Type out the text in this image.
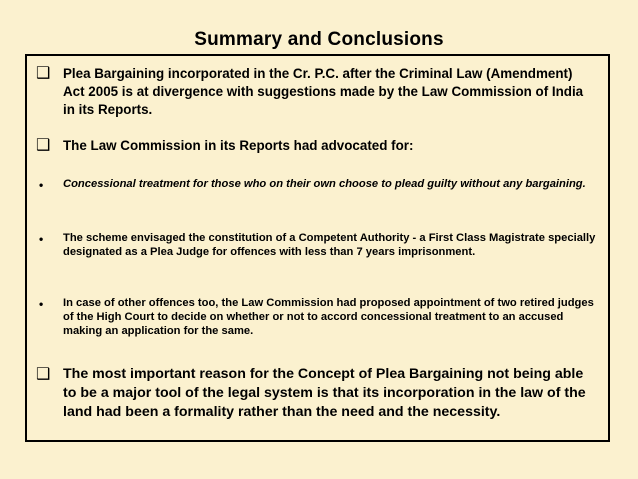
Summary and Conclusions
❑ Plea Bargaining incorporated in the Cr. P.C. after the Criminal Law (Amendment) Act 2005 is at divergence with suggestions made by the Law Commission of India in its Reports.
❑ The Law Commission in its Reports had advocated for:
• Concessional treatment for those who on their own choose to plead guilty without any bargaining.
• The scheme envisaged the constitution of a Competent Authority - a First Class Magistrate specially designated as a Plea Judge for offences with less than 7 years imprisonment.
• In case of other offences too, the Law Commission had proposed appointment of two retired judges of the High Court to decide on whether or not to accord concessional treatment to an accused making an application for the same.
❑ The most important reason for the Concept of Plea Bargaining not being able to be a major tool of the legal system is that its incorporation in the law of the land had been a formality rather than the need and the necessity.
